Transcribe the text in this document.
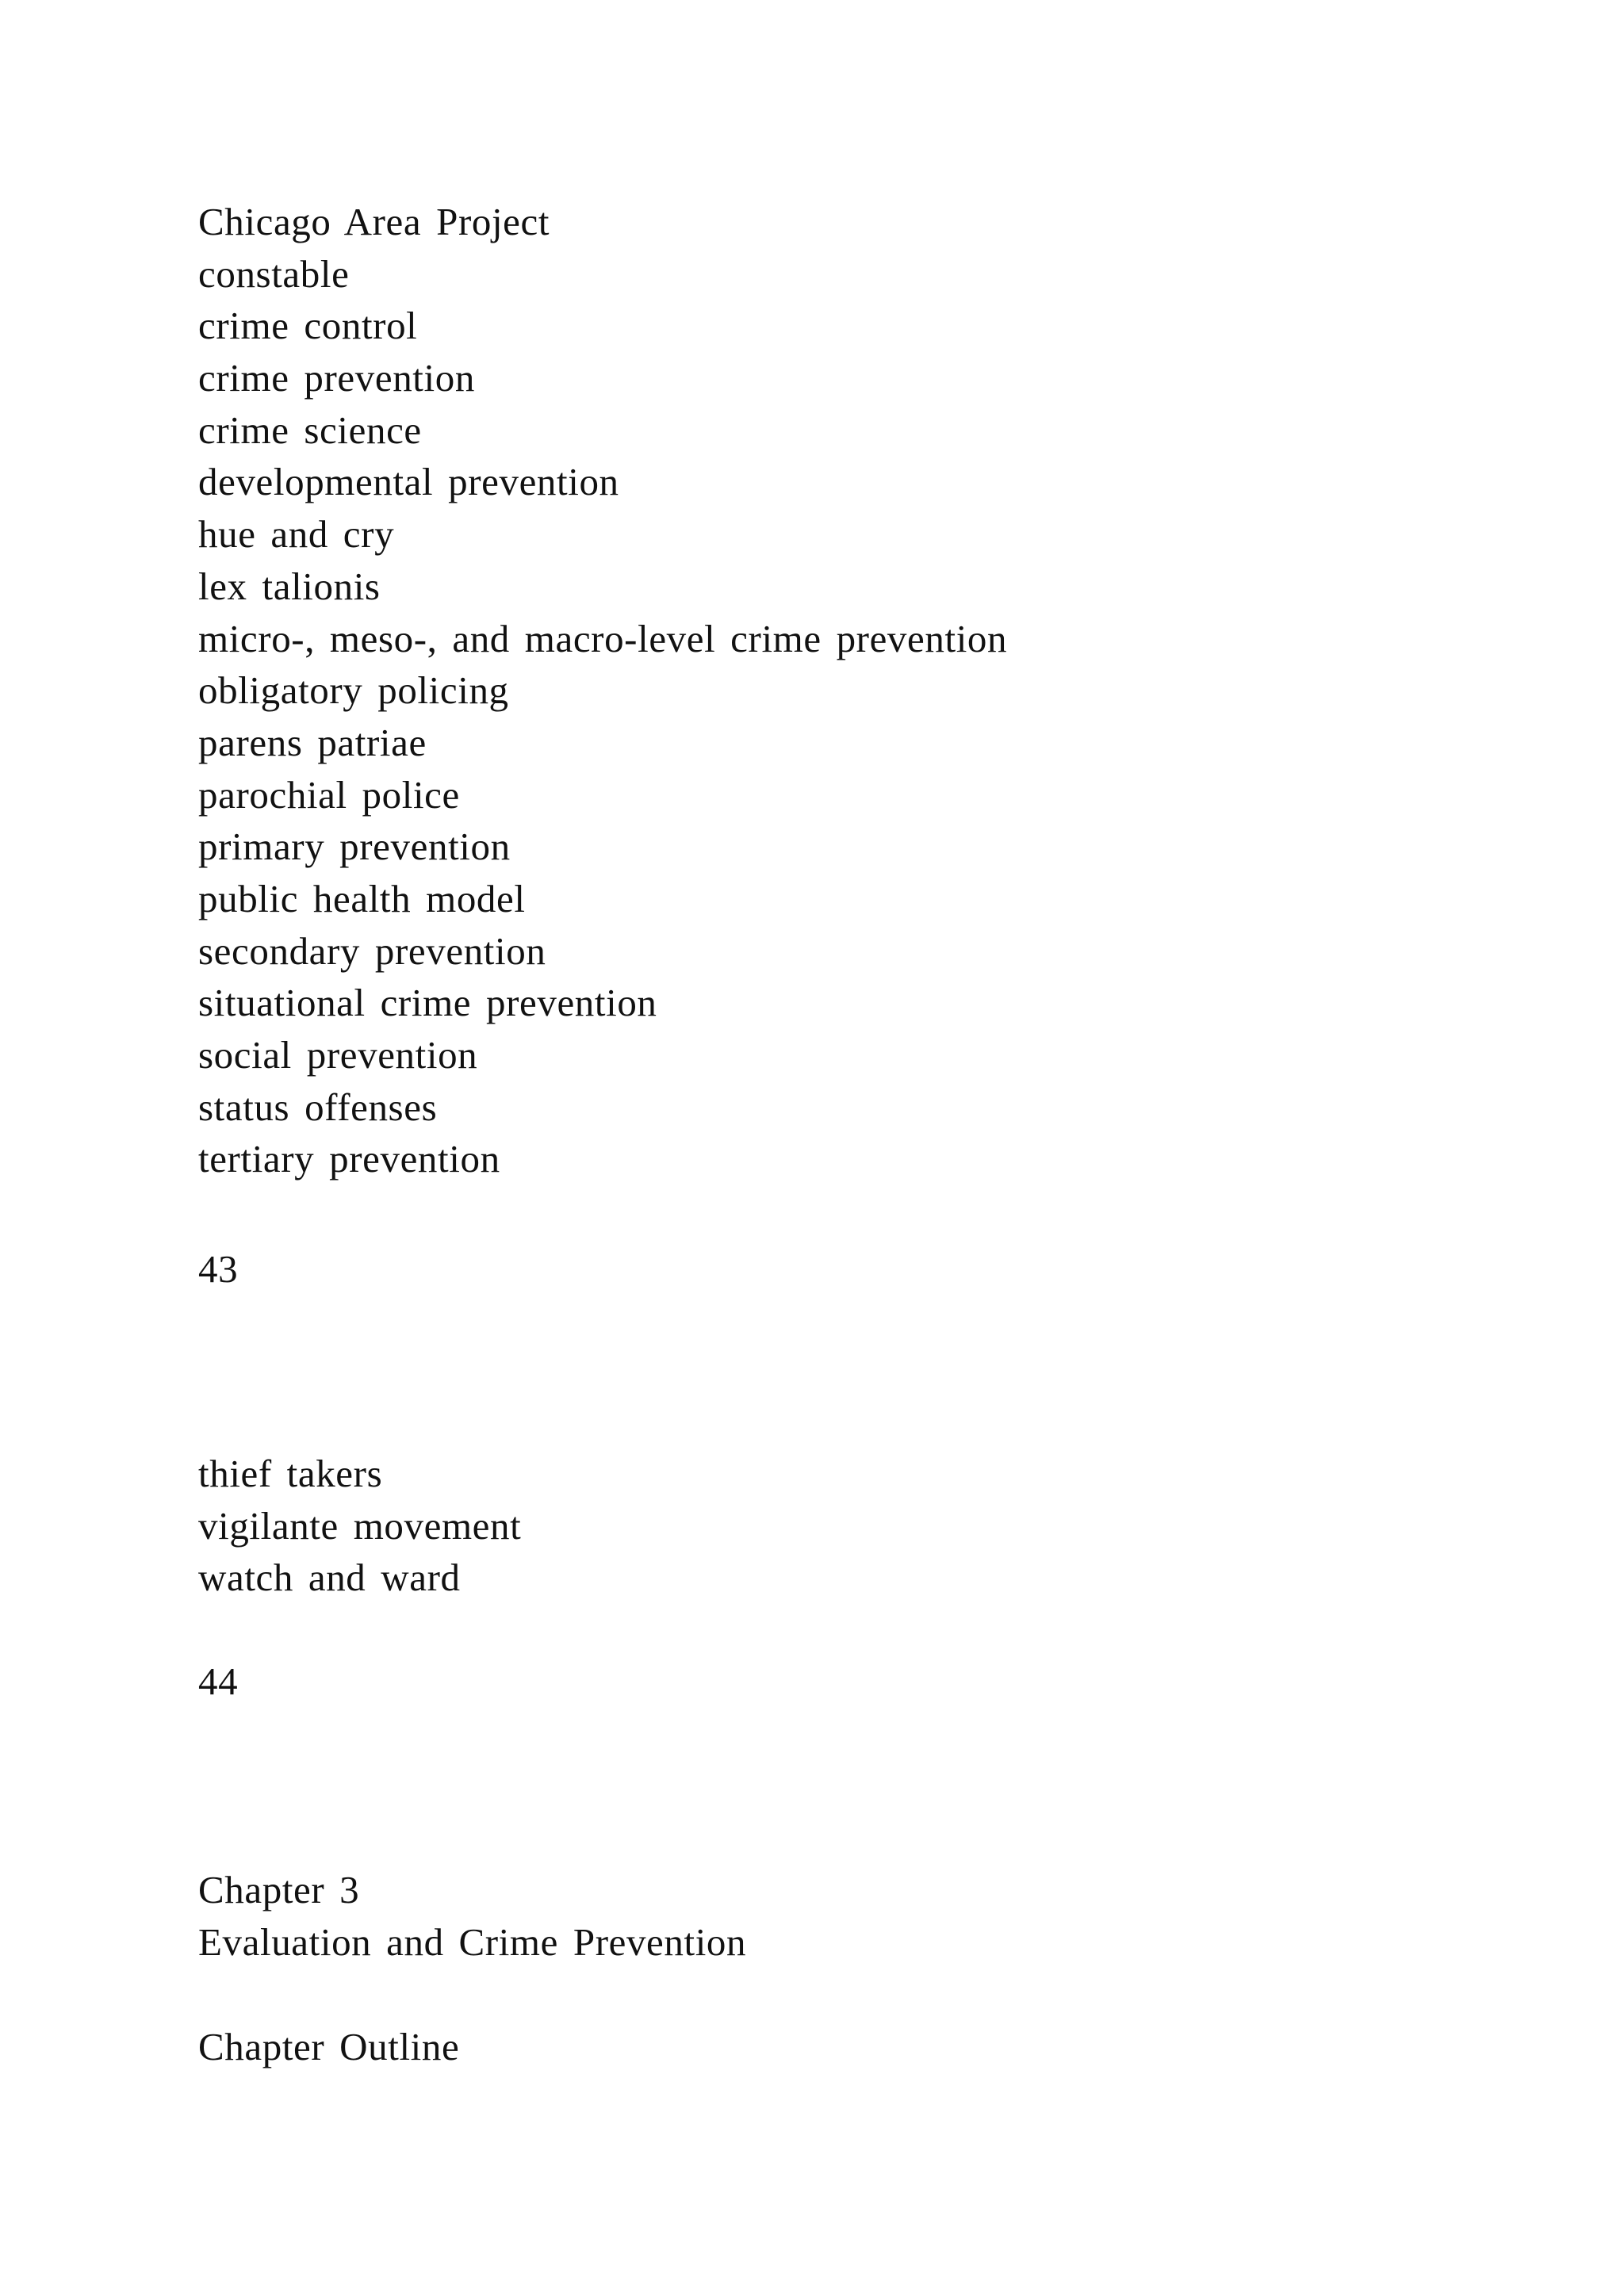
Chicago Area Project
constable
crime control
crime prevention
crime science
developmental prevention
hue and cry
lex talionis
micro-, meso-, and macro-level crime prevention
obligatory policing
parens patriae
parochial police
primary prevention
public health model
secondary prevention
situational crime prevention
social prevention
status offenses
tertiary prevention
43
thief takers
vigilante movement
watch and ward
44
Chapter 3
Evaluation and Crime Prevention
Chapter Outline
